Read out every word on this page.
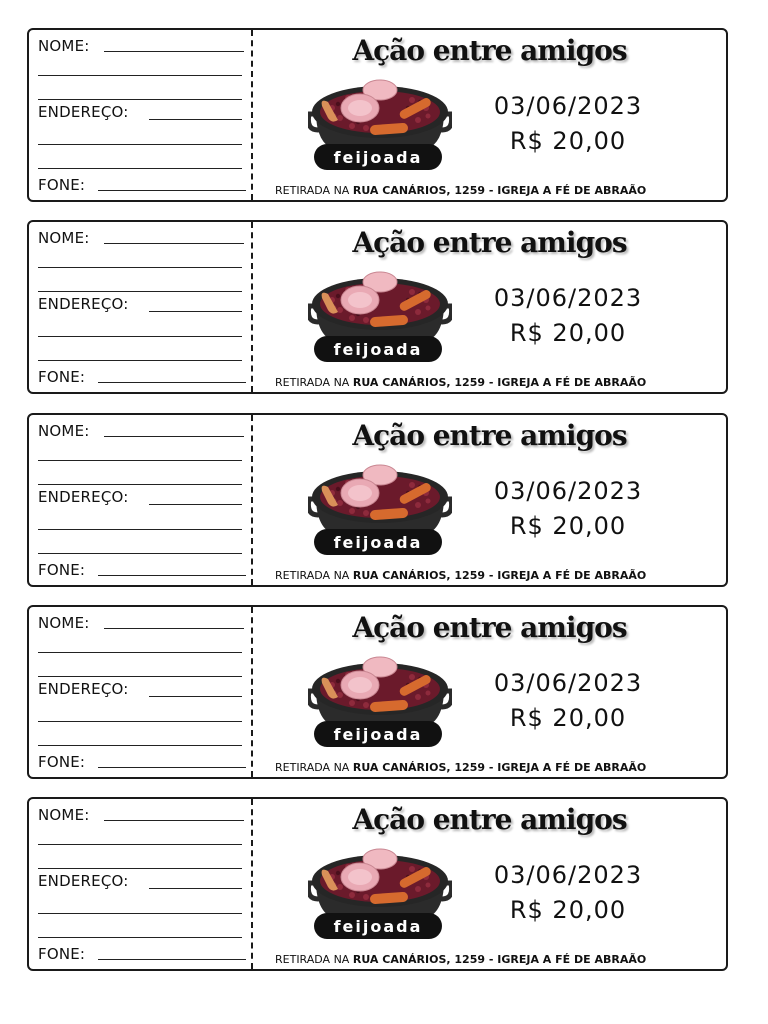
NOME:
ENDEREÇO:
FONE:
Ação entre amigos
feijoada
03/06/2023
R$ 20,00
RETIRADA NA RUA CANÁRIOS, 1259 - IGREJA A FÉ DE ABRAÃO
NOME:
ENDEREÇO:
FONE:
Ação entre amigos
feijoada
03/06/2023
R$ 20,00
RETIRADA NA RUA CANÁRIOS, 1259 - IGREJA A FÉ DE ABRAÃO
NOME:
ENDEREÇO:
FONE:
Ação entre amigos
feijoada
03/06/2023
R$ 20,00
RETIRADA NA RUA CANÁRIOS, 1259 - IGREJA A FÉ DE ABRAÃO
NOME:
ENDEREÇO:
FONE:
Ação entre amigos
feijoada
03/06/2023
R$ 20,00
RETIRADA NA RUA CANÁRIOS, 1259 - IGREJA A FÉ DE ABRAÃO
NOME:
ENDEREÇO:
FONE:
Ação entre amigos
feijoada
03/06/2023
R$ 20,00
RETIRADA NA RUA CANÁRIOS, 1259 - IGREJA A FÉ DE ABRAÃO
